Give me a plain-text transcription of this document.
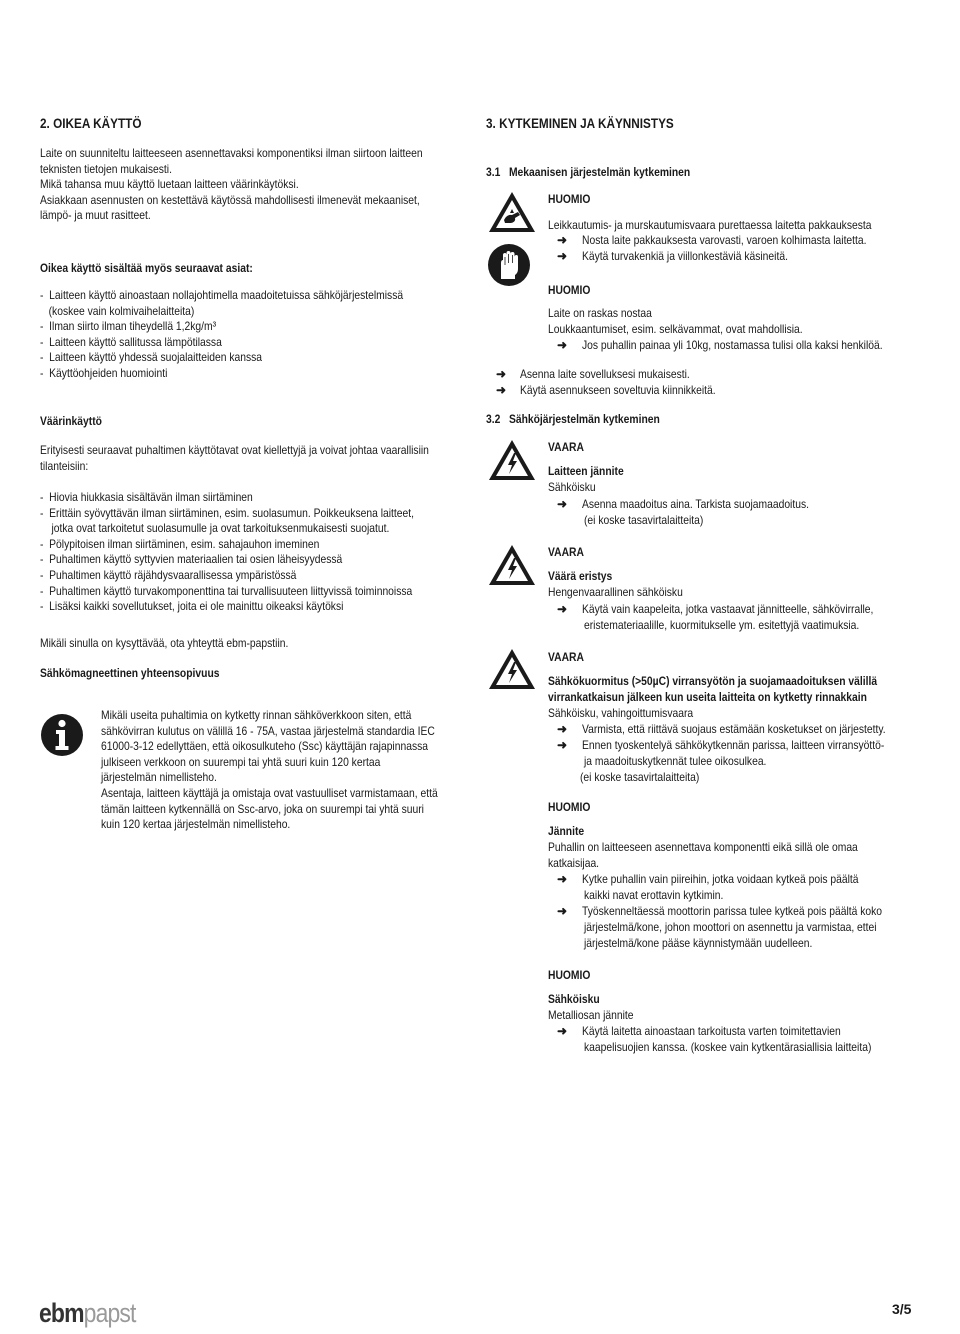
2. OIKEA KÄYTTÖ
Laite on suunniteltu laitteeseen asennettavaksi komponentiksi ilman siirtoon laitteen
teknisten tietojen mukaisesti.
Mikä tahansa muu käyttö luetaan laitteen väärinkäytöksi.
Asiakkaan asennusten on kestettävä käytössä mahdollisesti ilmenevät mekaaniset,
lämpö- ja muut rasitteet.
Oikea käyttö sisältää myös seuraavat asiat:
-  Laitteen käyttö ainoastaan nollajohtimella maadoitetuissa sähköjärjestelmissä
(koskee vain kolmivaihelaitteita)
-  Ilman siirto ilman tiheydellä 1,2kg/m³
-  Laitteen käyttö sallitussa lämpötilassa
-  Laitteen käyttö yhdessä suojalaitteiden kanssa
-  Käyttöohjeiden huomiointi
Väärinkäyttö
Erityisesti seuraavat puhaltimen käyttötavat ovat kiellettyjä ja voivat johtaa vaarallisiin
tilanteisiin:
-  Hiovia hiukkasia sisältävän ilman siirtäminen
-  Erittäin syövyttävän ilman siirtäminen, esim. suolasumun. Poikkeuksena laitteet,
jotka ovat tarkoitetut suolasumulle ja ovat tarkoituksenmukaisesti suojatut.
-  Pölypitoisen ilman siirtäminen, esim. sahajauhon imeminen
-  Puhaltimen käyttö syttyvien materiaalien tai osien läheisyydessä
-  Puhaltimen käyttö räjähdysvaarallisessa ympäristössä
-  Puhaltimen käyttö turvakomponenttina tai turvallisuuteen liittyvissä toiminnoissa
-  Lisäksi kaikki sovellutukset, joita ei ole mainittu oikeaksi käytöksi
Mikäli sinulla on kysyttävää, ota yhteyttä ebm-papstiin.
Sähkömagneettinen yhteensopivuus
Mikäli useita puhaltimia on kytketty rinnan sähköverkkoon siten, että
sähkövirran kulutus on välillä 16 - 75A, vastaa järjestelmä standardia IEC
61000-3-12 edellyttäen, että oikosulkuteho (Ssc) käyttäjän rajapinnassa
julkiseen verkkoon on suurempi tai yhtä suuri kuin 120 kertaa
järjestelmän nimellisteho.
Asentaja, laitteen käyttäjä ja omistaja ovat vastuulliset varmistamaan, että
tämän laitteen kytkennällä on Ssc-arvo, joka on suurempi tai yhtä suuri
kuin 120 kertaa järjestelmän nimellisteho.
3. KYTKEMINEN JA KÄYNNISTYS
3.1   Mekaanisen järjestelmän kytkeminen
HUOMIO
Leikkautumis- ja murskautumisvaara purettaessa laitetta pakkauksesta
➜ Nosta laite pakkauksesta varovasti, varoen kolhimasta laitetta.
➜ Käytä turvakenkiä ja viillonkestäviä käsineitä.
HUOMIO
Laite on raskas nostaa
Loukkaantumiset, esim. selkävammat, ovat mahdollisia.
➜ Jos puhallin painaa yli 10kg, nostamassa tulisi olla kaksi henkilöä.
➜ Asenna laite sovelluksesi mukaisesti.
➜ Käytä asennukseen soveltuvia kiinnikkeitä.
3.2   Sähköjärjestelmän kytkeminen
VAARA
Laitteen jännite
Sähköisku
➜ Asenna maadoitus aina. Tarkista suojamaadoitus.
(ei koske tasavirtalaitteita)
VAARA
Väärä eristys
Hengenvaarallinen sähköisku
➜ Käytä vain kaapeleita, jotka vastaavat jännitteelle, sähkövirralle,
eristemateriaalille, kuormitukselle ym. esitettyjä vaatimuksia.
VAARA
Sähkökuormitus (>50µC) virransyötön ja suojamaadoituksen välillä
virrankatkaisun jälkeen kun useita laitteita on kytketty rinnakkain
Sähköisku, vahingoittumisvaara
➜ Varmista, että riittävä suojaus estämään kosketukset on järjestetty.
➜ Ennen tyoskentelyä sähkökytkennän parissa, laitteen virransyöttö-
ja maadoituskytkennät tulee oikosulkea.
(ei koske tasavirtalaitteita)
HUOMIO
Jännite
Puhallin on laitteeseen asennettava komponentti eikä sillä ole omaa
katkaisijaa.
➜ Kytke puhallin vain piireihin, jotka voidaan kytkeä pois päältä
kaikki navat erottavin kytkimin.
➜ Työskenneltäessä moottorin parissa tulee kytkeä pois päältä koko
järjestelmä/kone, johon moottori on asennettu ja varmistaa, ettei
järjestelmä/kone pääse käynnistymään uudelleen.
HUOMIO
Sähköisku
Metalliosan jännite
➜ Käytä laitetta ainoastaan tarkoitusta varten toimitettavien
kaapelisuojien kanssa. (koskee vain kytkentärasiallisia laitteita)
ebmpapst	3/5
